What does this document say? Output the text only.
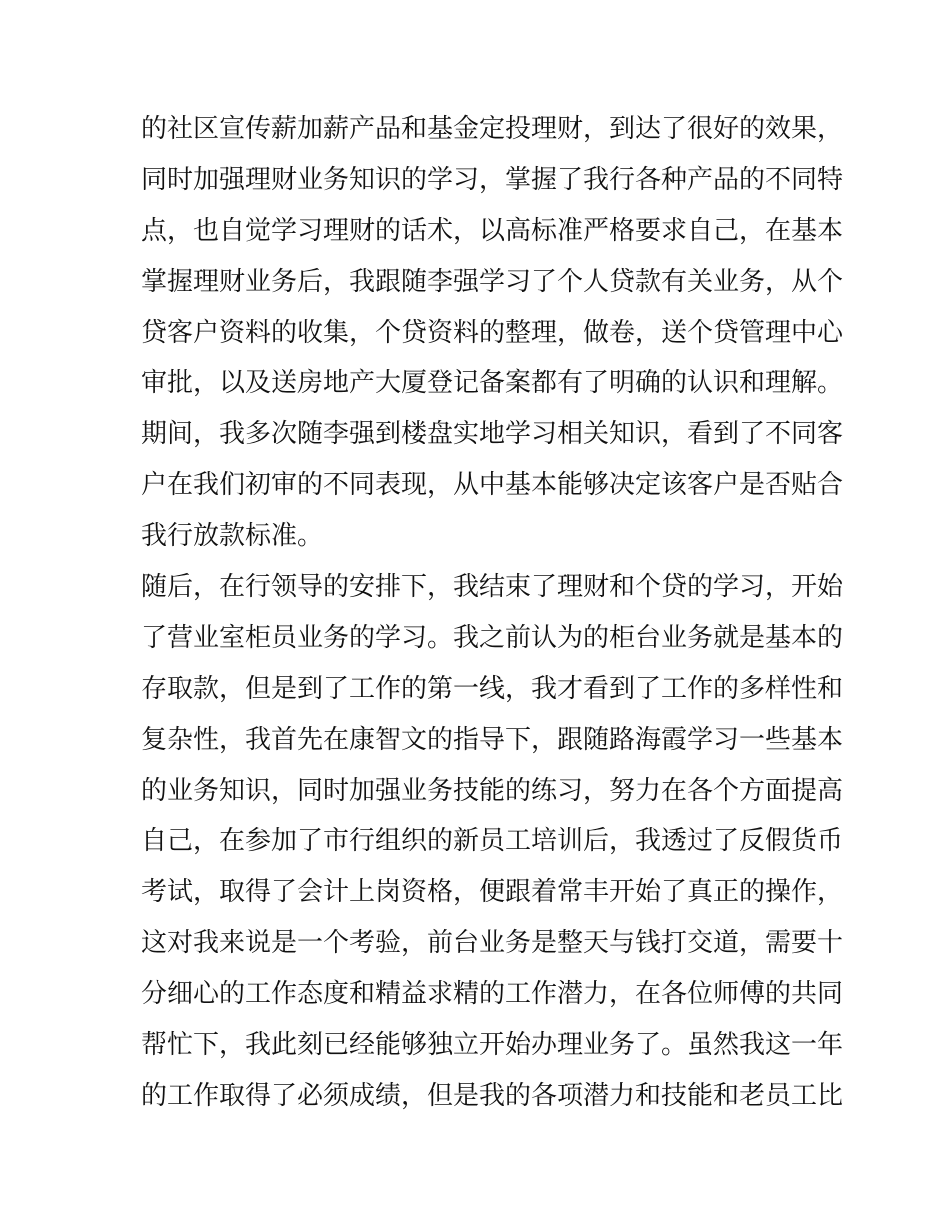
的社区宣传薪加薪产品和基金定投理财，到达了很好的效果，
同时加强理财业务知识的学习，掌握了我行各种产品的不同特
点，也自觉学习理财的话术，以高标准严格要求自己，在基本
掌握理财业务后，我跟随李强学习了个人贷款有关业务，从个
贷客户资料的收集，个贷资料的整理，做卷，送个贷管理中心
审批，以及送房地产大厦登记备案都有了明确的认识和理解。
期间，我多次随李强到楼盘实地学习相关知识，看到了不同客
户在我们初审的不同表现，从中基本能够决定该客户是否贴合
我行放款标准。
随后，在行领导的安排下，我结束了理财和个贷的学习，开始
了营业室柜员业务的学习。我之前认为的柜台业务就是基本的
存取款，但是到了工作的第一线，我才看到了工作的多样性和
复杂性，我首先在康智文的指导下，跟随路海霞学习一些基本
的业务知识，同时加强业务技能的练习，努力在各个方面提高
自己，在参加了市行组织的新员工培训后，我透过了反假货币
考试，取得了会计上岗资格，便跟着常丰开始了真正的操作，
这对我来说是一个考验，前台业务是整天与钱打交道，需要十
分细心的工作态度和精益求精的工作潜力，在各位师傅的共同
帮忙下，我此刻已经能够独立开始办理业务了。虽然我这一年
的工作取得了必须成绩，但是我的各项潜力和技能和老员工比
